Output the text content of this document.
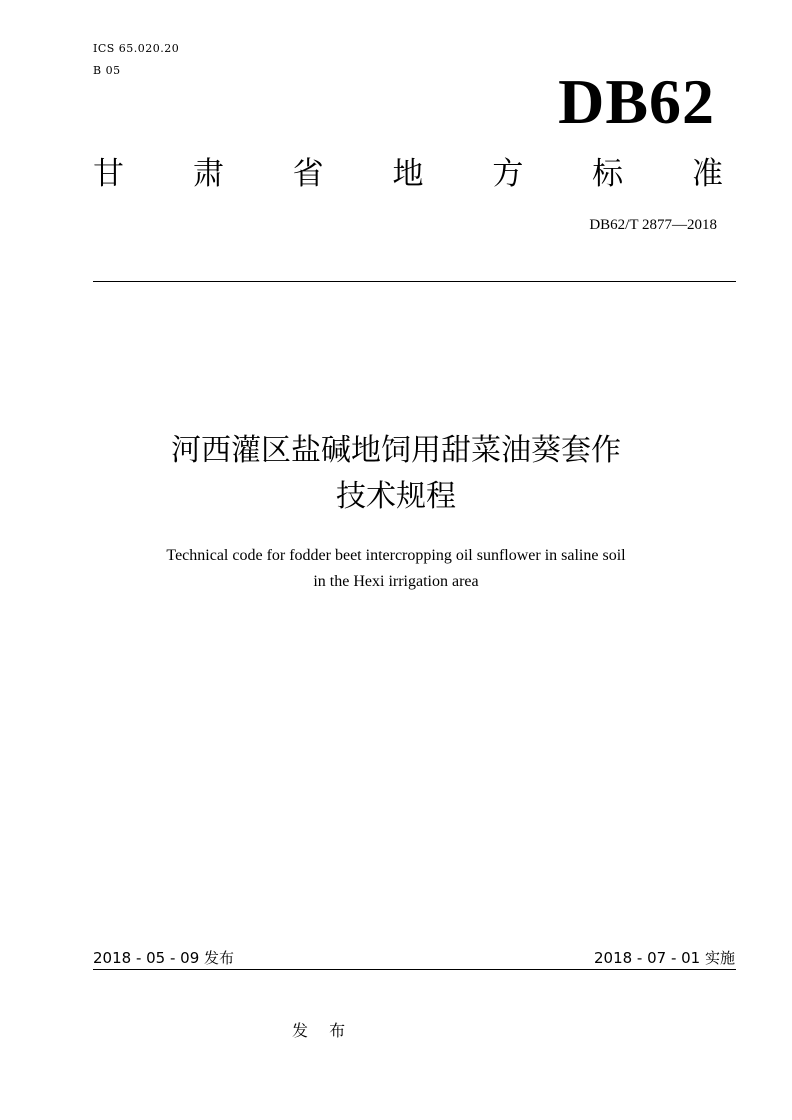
ICS 65.020.20
B 05	DB62
甘 肃 省 地 方 标 准
DB62/T 2877—2018
河西灌区盐碱地饲用甜菜油葵套作
技术规程
Technical code for fodder beet intercropping oil sunflower in saline soil
in the Hexi irrigation area
2018 - 05 - 09 发布	2018 - 07 - 01 实施
发 布
